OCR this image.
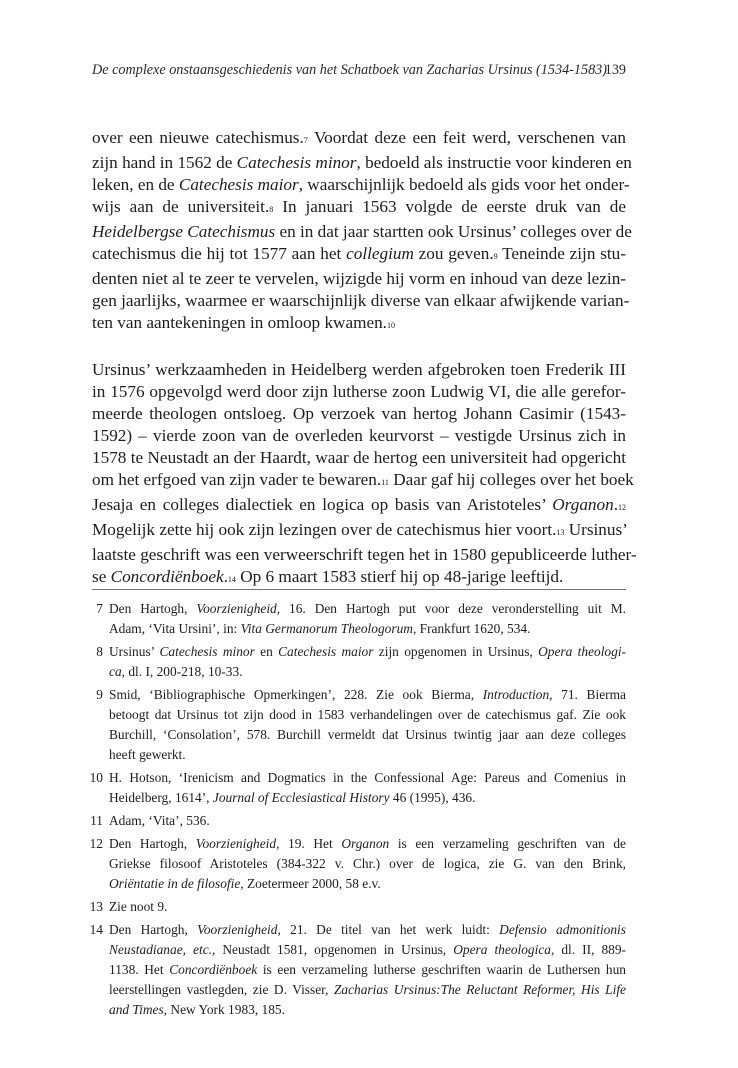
De complexe onstaansgeschiedenis van het Schatboek van Zacharias Ursinus (1534-1583)
139
over een nieuwe catechismus.7 Voordat deze een feit werd, verschenen van
zijn hand in 1562 de Catechesis minor, bedoeld als instructie voor kinderen en
leken, en de Catechesis maior, waarschijnlijk bedoeld als gids voor het onder-
wijs aan de universiteit.8 In januari 1563 volgde de eerste druk van de
Heidelbergse Catechismus en in dat jaar startten ook Ursinus’ colleges over de
catechismus die hij tot 1577 aan het collegium zou geven.9 Teneinde zijn stu-
denten niet al te zeer te vervelen, wijzigde hij vorm en inhoud van deze lezin-
gen jaarlijks, waarmee er waarschijnlijk diverse van elkaar afwijkende varian-
ten van aantekeningen in omloop kwamen.10
Ursinus’ werkzaamheden in Heidelberg werden afgebroken toen Frederik III
in 1576 opgevolgd werd door zijn lutherse zoon Ludwig VI, die alle gerefor-
meerde theologen ontsloeg. Op verzoek van hertog Johann Casimir (1543-
1592) – vierde zoon van de overleden keurvorst – vestigde Ursinus zich in
1578 te Neustadt an der Haardt, waar de hertog een universiteit had opgericht
om het erfgoed van zijn vader te bewaren.11 Daar gaf hij colleges over het boek
Jesaja en colleges dialectiek en logica op basis van Aristoteles’ Organon.12
Mogelijk zette hij ook zijn lezingen over de catechismus hier voort.13 Ursinus’
laatste geschrift was een verweerschrift tegen het in 1580 gepubliceerde luther-
se Concordiënboek.14 Op 6 maart 1583 stierf hij op 48-jarige leeftijd.
7 Den Hartogh, Voorzienigheid, 16. Den Hartogh put voor deze veronderstelling uit M.
Adam, ‘Vita Ursini’, in: Vita Germanorum Theologorum, Frankfurt 1620, 534.
8 Ursinus’ Catechesis minor en Catechesis maior zijn opgenomen in Ursinus, Opera theologi-
ca, dl. I, 200-218, 10-33.
9 Smid, ‘Bibliographische Opmerkingen’, 228. Zie ook Bierma, Introduction, 71. Bierma
betoogt dat Ursinus tot zijn dood in 1583 verhandelingen over de catechismus gaf. Zie ook
Burchill, ‘Consolation’, 578. Burchill vermeldt dat Ursinus twintig jaar aan deze colleges
heeft gewerkt.
10 H. Hotson, ‘Irenicism and Dogmatics in the Confessional Age: Pareus and Comenius in
Heidelberg, 1614’, Journal of Ecclesiastical History 46 (1995), 436.
11 Adam, ‘Vita’, 536.
12 Den Hartogh, Voorzienigheid, 19. Het Organon is een verzameling geschriften van de
Griekse filosoof Aristoteles (384-322 v. Chr.) over de logica, zie G. van den Brink,
Oriëntatie in de filosofie, Zoetermeer 2000, 58 e.v.
13 Zie noot 9.
14 Den Hartogh, Voorzienigheid, 21. De titel van het werk luidt: Defensio admonitionis
Neustadianae, etc., Neustadt 1581, opgenomen in Ursinus, Opera theologica, dl. II, 889-
1138. Het Concordiënboek is een verzameling lutherse geschriften waarin de Luthersen hun
leerstellingen vastlegden, zie D. Visser, Zacharias Ursinus:The Reluctant Reformer, His Life
and Times, New York 1983, 185.
